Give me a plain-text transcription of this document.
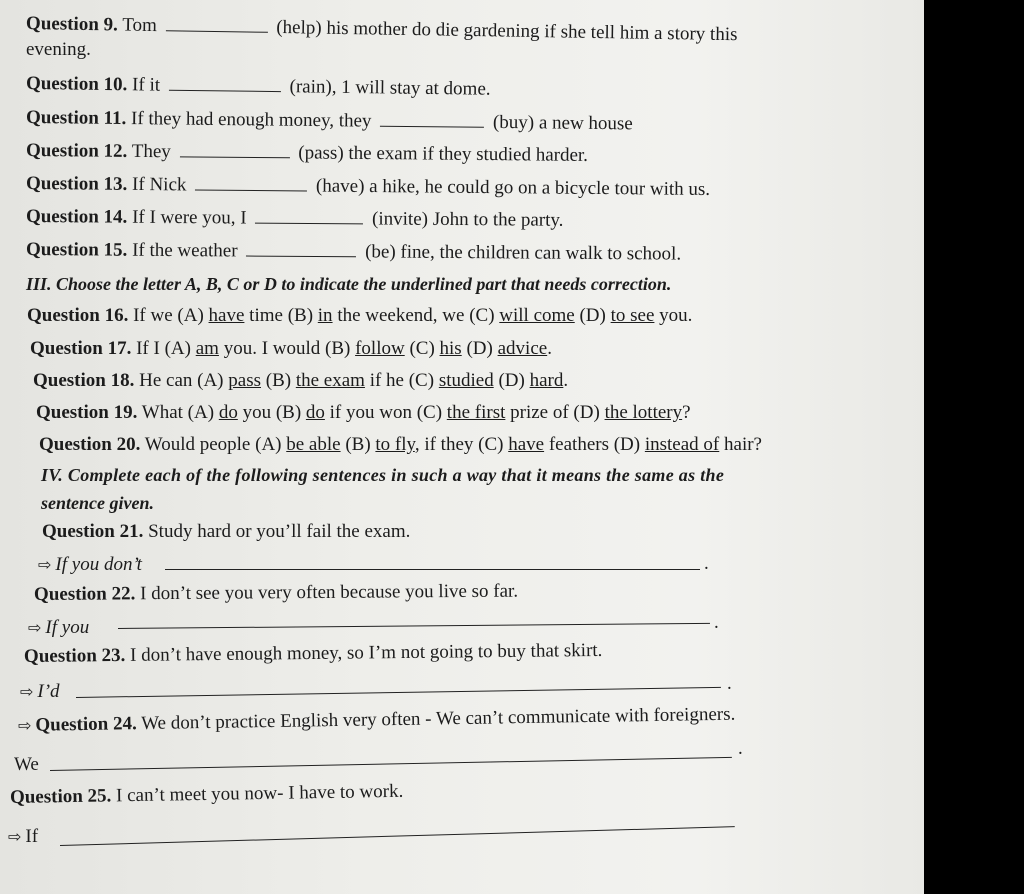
Question 9. Tom	(help) his mother do die gardening if she tell him a story this
evening.
Question 10. If it	(rain), 1 will stay at dome.
Question 11. If they had enough money, they	(buy) a new house
Question 12. They	(pass) the exam if they studied harder.
Question 13. If Nick	(have) a hike, he could go on a bicycle tour with us.
Question 14. If I were you, I	(invite) John to the party.
Question 15. If the weather	(be) fine, the children can walk to school.
III. Choose the letter A, B, C or D to indicate the underlined part that needs correction.
Question 16. If we (A) have time (B) in the weekend, we (C) will come (D) to see you.
Question 17. If I (A) am you. I would (B) follow (C) his (D) advice.
Question 18. He can (A) pass (B) the exam if he (C) studied (D) hard.
Question 19. What (A) do you (B) do if you won (C) the first prize of (D) the lottery?
Question 20. Would people (A) be able (B) to fly, if they (C) have feathers (D) instead of hair?
IV. Complete each of the following sentences in such a way that it means the same as the
sentence given.
Question 21. Study hard or you’ll fail the exam.
⇨ If you don’t	.
Question 22. I don’t see you very often because you live so far.
⇨ If you	.
Question 23. I don’t have enough money, so I’m not going to buy that skirt.
⇨ I’d	.
⇨ Question 24. We don’t practice English very often - We can’t communicate with foreigners.
We
.
Question 25. I can’t meet you now- I have to work.
⇨ If
